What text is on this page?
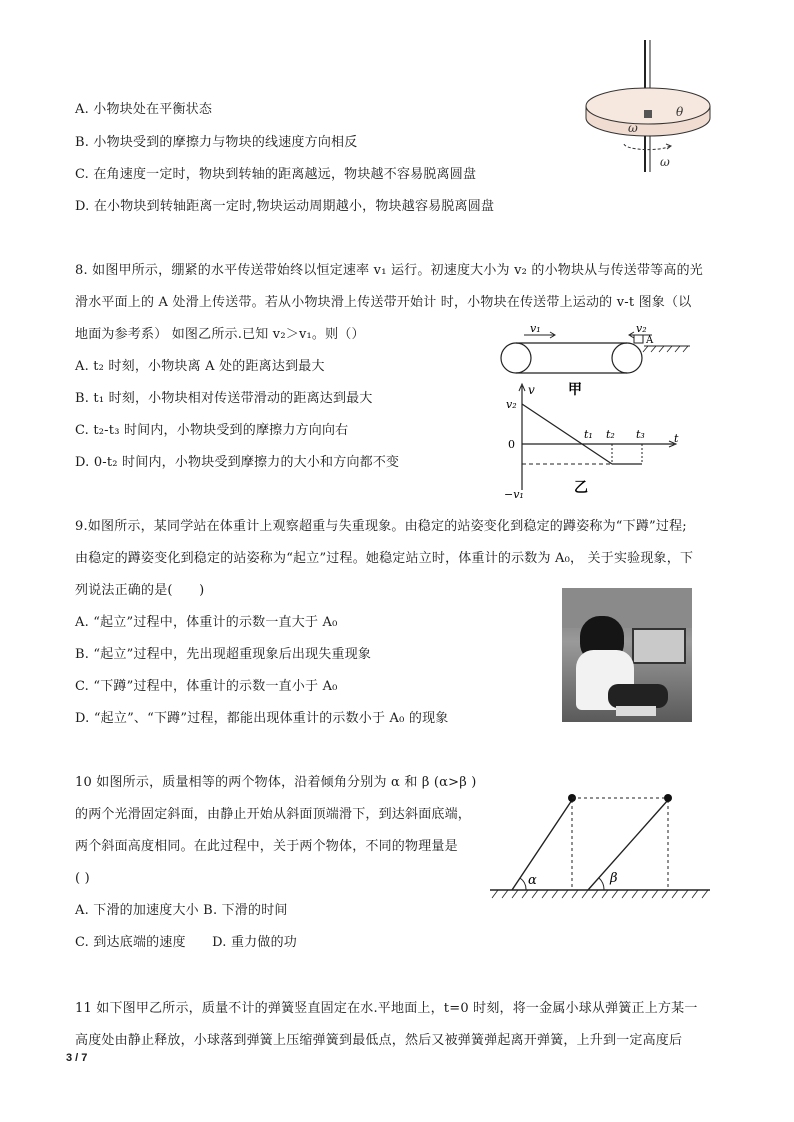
A. 小物块处在平衡状态
B. 小物块受到的摩擦力与物块的线速度方向相反
C. 在角速度一定时，物块到转轴的距离越远，物块越不容易脱离圆盘
D. 在小物块到转轴距离一定时,物块运动周期越小，物块越容易脱离圆盘
θ
ω
ω
8. 如图甲所示，绷紧的水平传送带始终以恒定速率 v₁ 运行。初速度大小为 v₂ 的小物块从与传送带等高的光
滑水平面上的 A 处滑上传送带。若从小物块滑上传送带开始计 时，小物块在传送带上运动的 v-t 图象（以
地面为参考系） 如图乙所示.已知 v₂＞v₁。则（）
A. t₂ 时刻，小物块离 A 处的距离达到最大
B. t₁ 时刻，小物块相对传送带滑动的距离达到最大
C. t₂-t₃ 时间内，小物块受到的摩擦力方向向右
D. 0-t₂ 时间内，小物块受到摩擦力的大小和方向都不变
v₁	v₂
A
v 甲
v₂
t
0
t₁ t₂ t₃
−v₁	乙
9.如图所示，某同学站在体重计上观察超重与失重现象。由稳定的站姿变化到稳定的蹲姿称为“下蹲”过程;
由稳定的蹲姿变化到稳定的站姿称为“起立”过程。她稳定站立时，体重计的示数为 A₀， 关于实验现象，下
列说法正确的是(　　)
A. “起立”过程中，体重计的示数一直大于 A₀
B. “起立”过程中，先出现超重现象后出现失重现象
C. “下蹲”过程中，体重计的示数一直小于 A₀
D. “起立”、“下蹲”过程，都能出现体重计的示数小于 A₀ 的现象
10 如图所示，质量相等的两个物体，沿着倾角分别为 α 和 β (α>β )
的两个光滑固定斜面，由静止开始从斜面顶端滑下，到达斜面底端，
两个斜面高度相同。在此过程中，关于两个物体，不同的物理量是
( )
A. 下滑的加速度大小 B. 下滑的时间
C. 到达底端的速度　　D. 重力做的功
α	β
11 如下图甲乙所示，质量不计的弹簧竖直固定在水.平地面上，t=0 时刻，将一金属小球从弹簧正上方某一
高度处由静止释放，小球落到弹簧上压缩弹簧到最低点，然后又被弹簧弹起离开弹簧，上升到一定高度后
3 / 7
